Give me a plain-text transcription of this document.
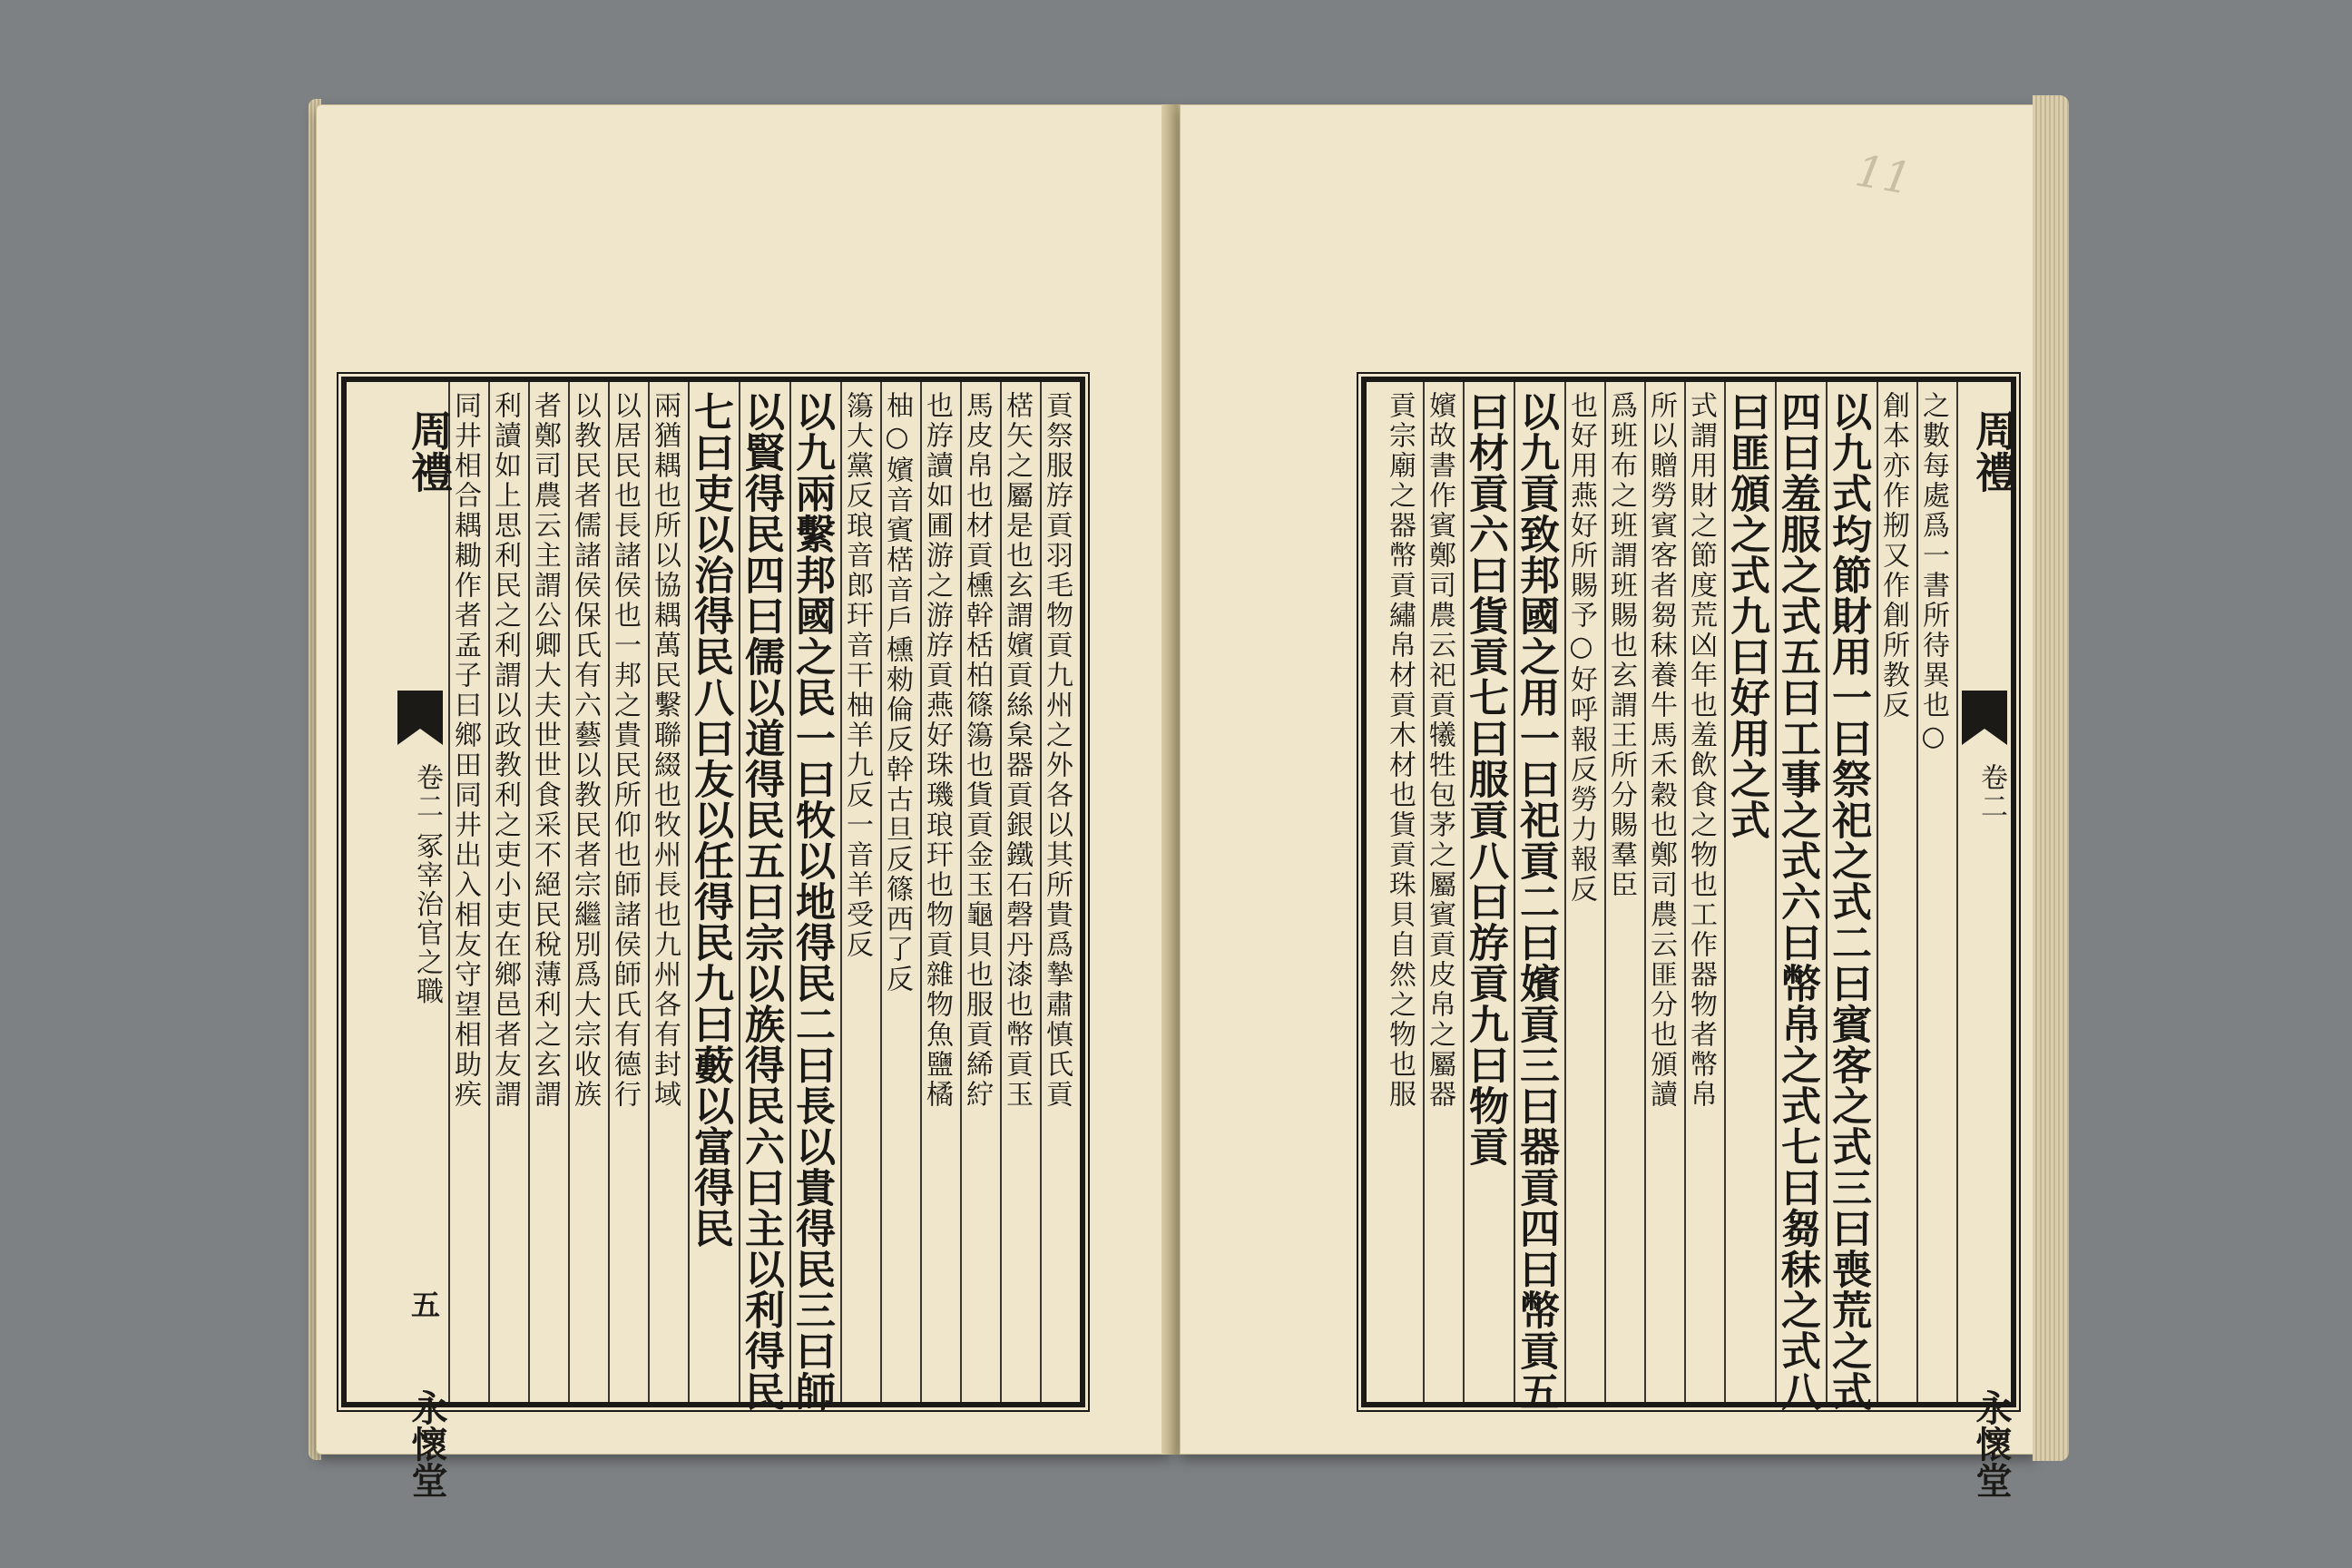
貢祭服斿貢羽毛物貢九州之外各以其所貴爲摯肅慎氏貢
楛矢之屬是也玄謂嬪貢絲枲器貢銀鐵石磬丹漆也幣貢玉
馬皮帛也材貢櫄幹栝柏篠簜也貨貢金玉龜貝也服貢絺紵
也斿讀如圃游之游斿貢燕好珠璣琅玕也物貢雜物魚鹽橘
柚○嬪音賓楛音戶櫄勑倫反幹古旦反篠西了反
簜大黨反琅音郎玕音干柚羊九反一音羊受反
以九兩繫邦國之民一曰牧以地得民二曰長以貴得民三曰師
以賢得民四曰儒以道得民五曰宗以族得民六曰主以利得民
七曰吏以治得民八曰友以任得民九曰藪以富得民
兩猶耦也所以協耦萬民繫聯綴也牧州長也九州各有封域
以居民也長諸侯也一邦之貴民所仰也師諸侯師氏有德行
以教民者儒諸侯保氏有六藝以教民者宗繼別爲大宗收族
者鄭司農云主謂公卿大夫世世食采不絕民稅薄利之玄謂
利讀如上思利民之利謂以政教利之吏小吏在鄉邑者友謂
同井相合耦耡作者孟子曰鄉田同井出入相友守望相助疾
周禮
卷二 冢宰治官之職
五
永懷堂
11
周禮
卷二
永懷堂
之數每處爲一書所待異也○
創本亦作剏又作創所教反
以九式均節財用一曰祭祀之式二曰賓客之式三曰喪荒之式
四曰羞服之式五曰工事之式六曰幣帛之式七曰芻秣之式八
曰匪頒之式九曰好用之式
式謂用財之節度荒凶年也羞飲食之物也工作器物者幣帛
所以贈勞賓客者芻秣養牛馬禾穀也鄭司農云匪分也頒讀
爲班布之班謂班賜也玄謂王所分賜羣臣
也好用燕好所賜予○好呼報反勞力報反
以九貢致邦國之用一曰祀貢二曰嬪貢三曰器貢四曰幣貢五
曰材貢六曰貨貢七曰服貢八曰斿貢九曰物貢
嬪故書作賓鄭司農云祀貢犧牲包茅之屬賓貢皮帛之屬器
貢宗廟之器幣貢繡帛材貢木材也貨貢珠貝自然之物也服
